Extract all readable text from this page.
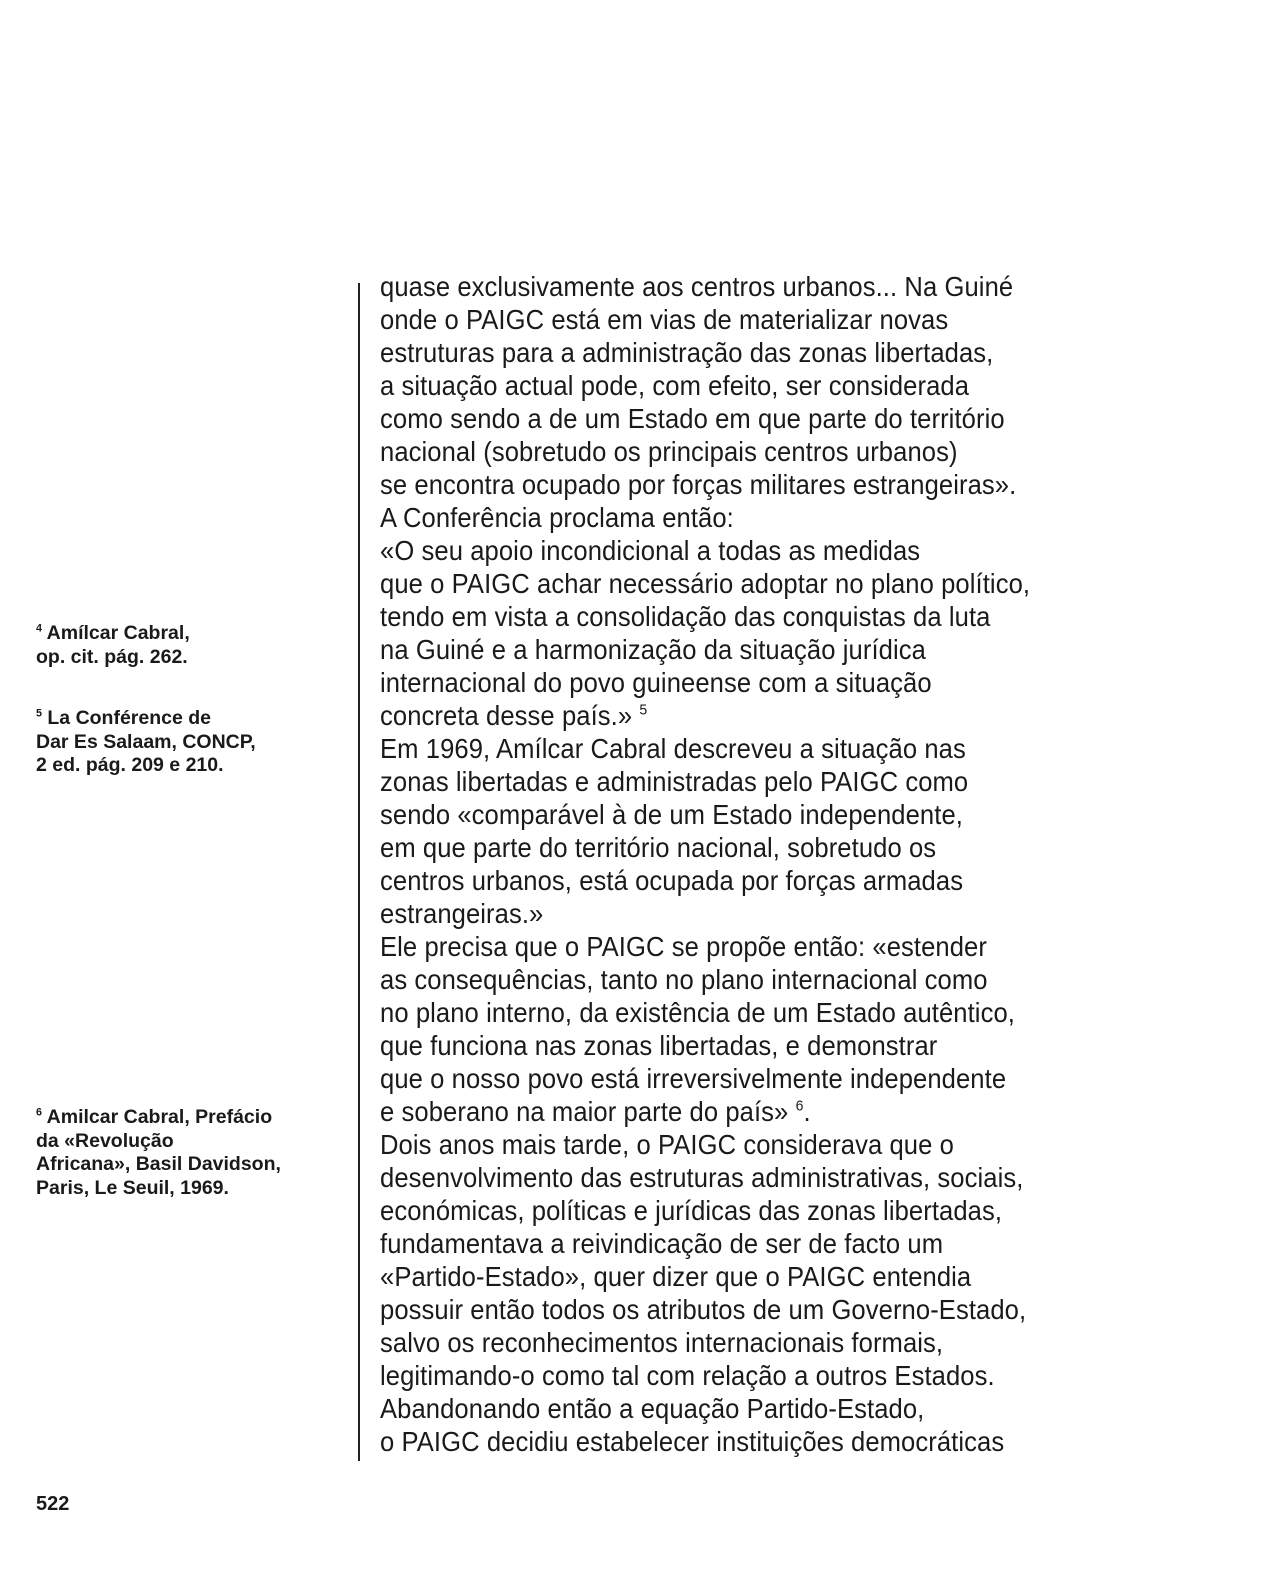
quase exclusivamente aos centros urbanos... Na Guiné
onde o PAIGC está em vias de materializar novas
estruturas para a administração das zonas libertadas,
a situação actual pode, com efeito, ser considerada
como sendo a de um Estado em que parte do território
nacional (sobretudo os principais centros urbanos)
se encontra ocupado por forças militares estrangeiras».
A Conferência proclama então:
«O seu apoio incondicional a todas as medidas
que o PAIGC achar necessário adoptar no plano político,
tendo em vista a consolidação das conquistas da luta
na Guiné e a harmonização da situação jurídica
internacional do povo guineense com a situação
concreta desse país.» $^5$
Em 1969, Amílcar Cabral descreveu a situação nas
zonas libertadas e administradas pelo PAIGC como
sendo «comparável à de um Estado independente,
em que parte do território nacional, sobretudo os
centros urbanos, está ocupada por forças armadas
estrangeiras.»
Ele precisa que o PAIGC se propõe então: «estender
as consequências, tanto no plano internacional como
no plano interno, da existência de um Estado autêntico,
que funciona nas zonas libertadas, e demonstrar
que o nosso povo está irreversivelmente independente
e soberano na maior parte do país» $^6$.
Dois anos mais tarde, o PAIGC considerava que o
desenvolvimento das estruturas administrativas, sociais,
económicas, políticas e jurídicas das zonas libertadas,
fundamentava a reivindicação de ser de facto um
«Partido-Estado», quer dizer que o PAIGC entendia
possuir então todos os atributos de um Governo-Estado,
salvo os reconhecimentos internacionais formais,
legitimando-o como tal com relação a outros Estados.
Abandonando então a equação Partido-Estado,
o PAIGC decidiu estabelecer instituições democráticas
$^4$ Amílcar Cabral,
op. cit. pág. 262.
$^5$ La Conférence de
Dar Es Salaam, CONCP,
2 ed. pág. 209 e 210.
$^6$ Amilcar Cabral, Prefácio
da «Revolução
Africana», Basil Davidson,
Paris, Le Seuil, 1969.
522
